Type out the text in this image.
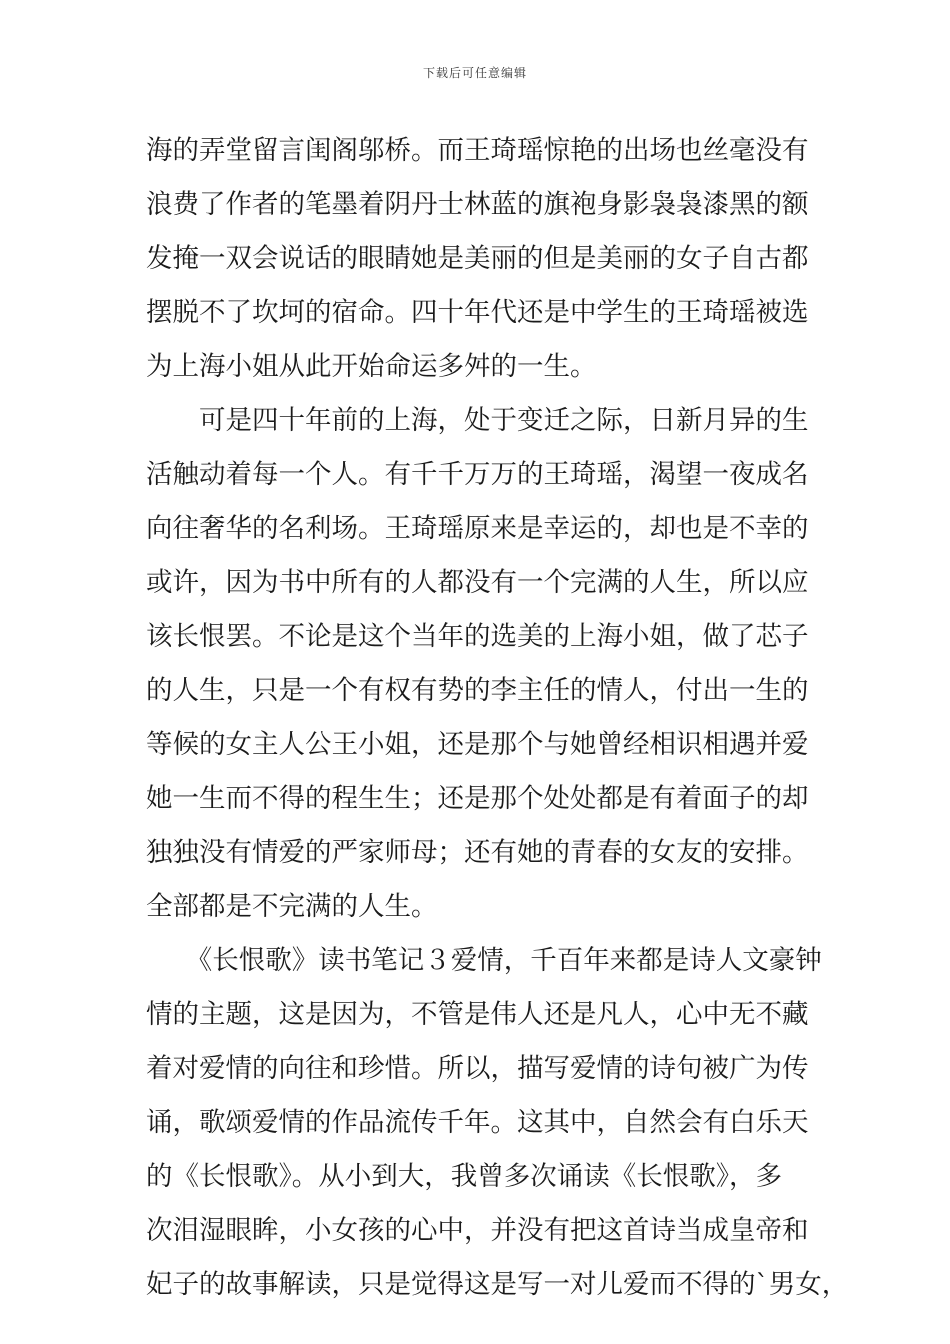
下载后可任意编辑
海的弄堂留言闺阁邬桥。而王琦瑶惊艳的出场也丝毫没有
浪费了作者的笔墨着阴丹士林蓝的旗袍身影袅袅漆黑的额
发掩一双会说话的眼睛她是美丽的但是美丽的女子自古都
摆脱不了坎坷的宿命。四十年代还是中学生的王琦瑶被选
为上海小姐从此开始命运多舛的一生。
　　可是四十年前的上海，处于变迁之际，日新月异的生
活触动着每一个人。有千千万万的王琦瑶，渴望一夜成名
向往奢华的名利场。王琦瑶原来是幸运的，却也是不幸的
或许，因为书中所有的人都没有一个完满的人生，所以应
该长恨罢。不论是这个当年的选美的上海小姐，做了芯子
的人生，只是一个有权有势的李主任的情人，付出一生的
等候的女主人公王小姐，还是那个与她曾经相识相遇并爱
她一生而不得的程生生；还是那个处处都是有着面子的却
独独没有情爱的严家师母；还有她的青春的女友的安排。
全部都是不完满的人生。
　　《长恨歌》读书笔记３爱情，千百年来都是诗人文豪钟
情的主题，这是因为，不管是伟人还是凡人，心中无不藏
着对爱情的向往和珍惜。所以，描写爱情的诗句被广为传
诵，歌颂爱情的作品流传千年。这其中，自然会有白乐天
的《长恨歌》。从小到大，我曾多次诵读《长恨歌》，多
次泪湿眼眸，小女孩的心中，并没有把这首诗当成皇帝和
妃子的故事解读，只是觉得这是写一对儿爱而不得的`男女，
